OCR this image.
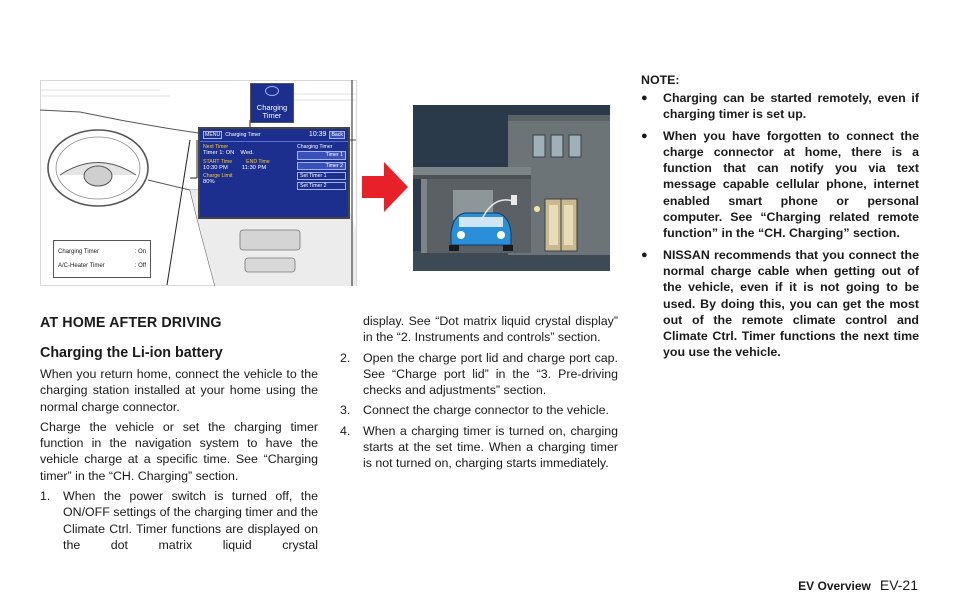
Charging
Timer
MENU Charging Timer	10:39 Back
Next Timer
Timer 1: ON Wed.
START Time	END Time
10:30 PM 11:30 PM
Charge Limit
80%
Charging Timer
Timer 1
Timer 2
Set Timer 1
Set Timer 2
Charging Timer	: On
A/C-Heater Timer	: Off
AT HOME AFTER DRIVING
Charging the Li-ion battery

When you return home, connect the vehicle to the charging station installed at your home using the normal charge connector.

Charge the vehicle or set the charging timer function in the navigation system to have the vehicle charge at a specific time. See “Charging timer” in the “CH. Charging” section.

1.	When the power switch is turned off, the ON/OFF settings of the charging timer and the Climate Ctrl. Timer functions are displayed on the dot matrix liquid crystal

display. See “Dot matrix liquid crystal display” in the “2. Instruments and controls” section.

2.	Open the charge port lid and charge port cap. See “Charge port lid” in the “3. Pre-driving checks and adjustments” section.
3.	Connect the charge connector to the vehicle.
4.	When a charging timer is turned on, charging starts at the set time. When a charging timer is not turned on, charging starts immediately.
NOTE:
●	Charging can be started remotely, even if charging timer is set up.
●	When you have forgotten to connect the charge connector at home, there is a function that can notify you via text message capable cellular phone, internet enabled smart phone or personal computer. See “Charging related remote function” in the “CH. Charging” section.
●	NISSAN recommends that you connect the normal charge cable when getting out of the vehicle, even if it is not going to be used. By doing this, you can get the most out of the remote climate control and Climate Ctrl. Timer functions the next time you use the vehicle.
EV Overview EV-21
